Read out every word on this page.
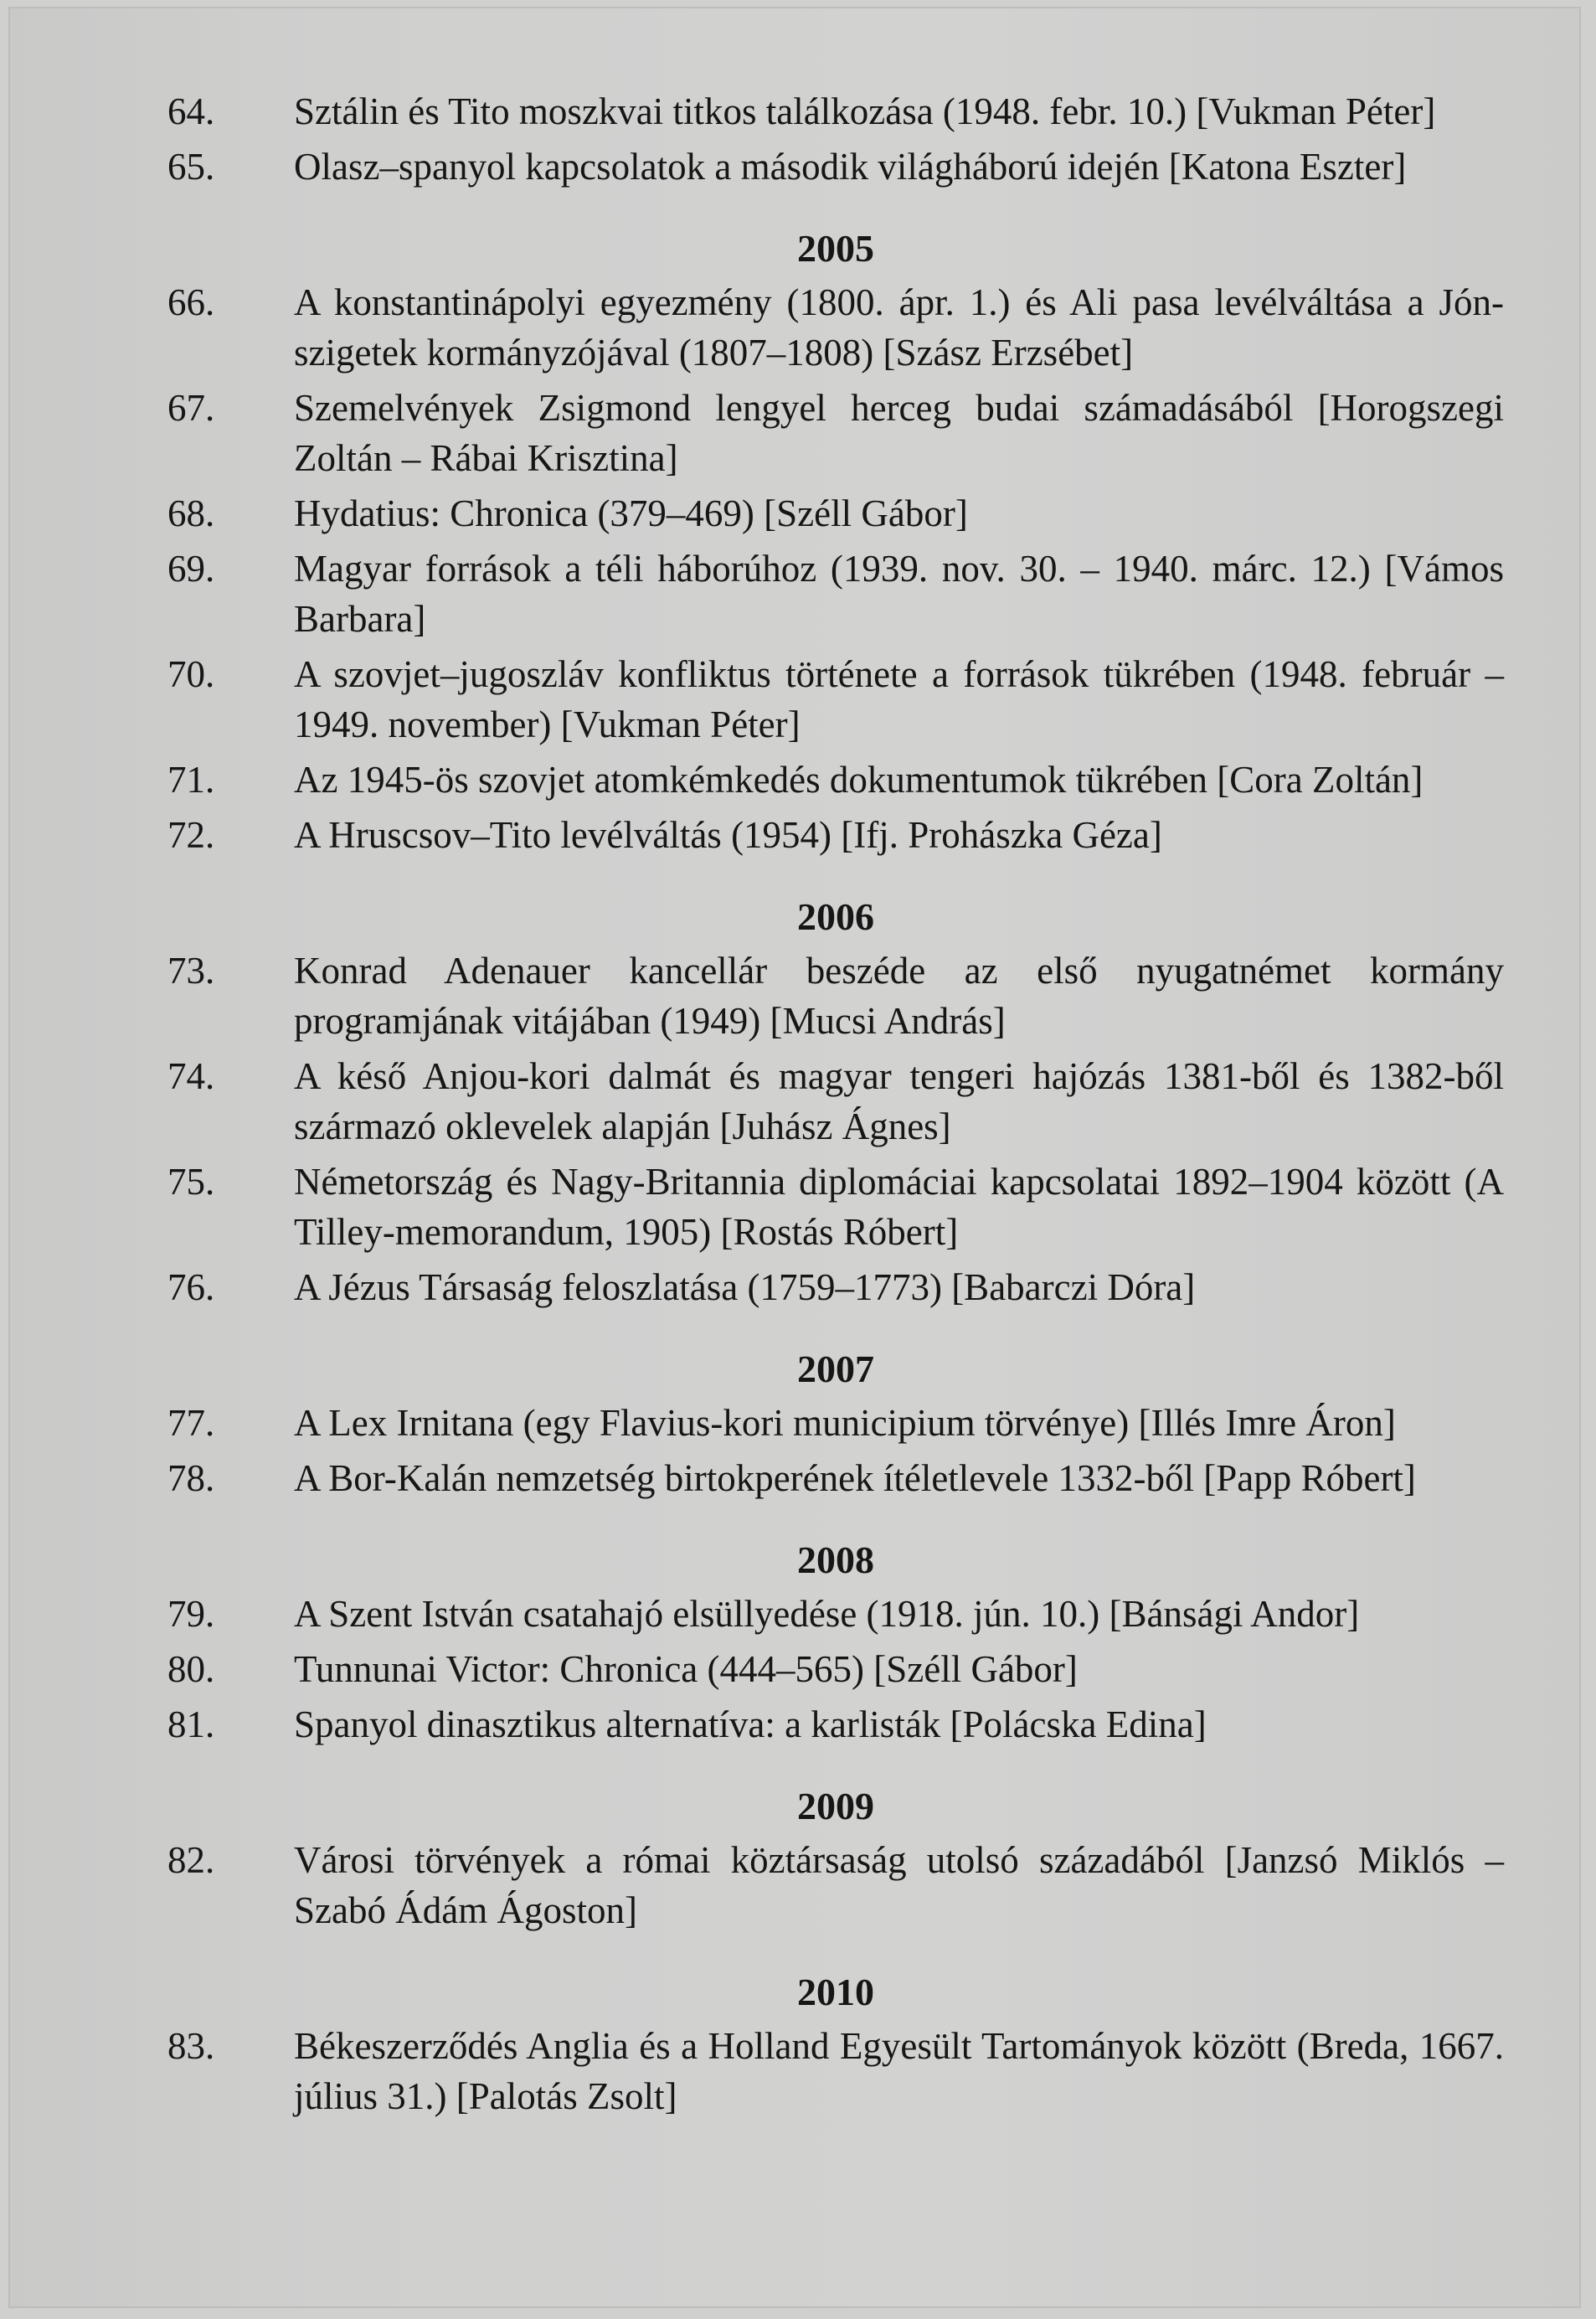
64.	Sztálin és Tito moszkvai titkos találkozása (1948. febr. 10.) [Vukman Péter]
65.	Olasz–spanyol kapcsolatok a második világháború idején [Katona Eszter]
2005
66.	A konstantinápolyi egyezmény (1800. ápr. 1.) és Ali pasa levélváltása a Jón-szigetek kormányzójával (1807–1808) [Szász Erzsébet]
67.	Szemelvények Zsigmond lengyel herceg budai számadásából [Horogszegi Zoltán – Rábai Krisztina]
68.	Hydatius: Chronica (379–469) [Széll Gábor]
69.	Magyar források a téli háborúhoz (1939. nov. 30. – 1940. márc. 12.) [Vámos Barbara]
70.	A szovjet–jugoszláv konfliktus története a források tükrében (1948. február – 1949. november) [Vukman Péter]
71.	Az 1945-ös szovjet atomkémkedés dokumentumok tükrében [Cora Zoltán]
72.	A Hruscsov–Tito levélváltás (1954) [Ifj. Prohászka Géza]
2006
73.	Konrad Adenauer kancellár beszéde az első nyugatnémet kormány programjának vitájában (1949) [Mucsi András]
74.	A késő Anjou-kori dalmát és magyar tengeri hajózás 1381-ből és 1382-ből származó oklevelek alapján [Juhász Ágnes]
75.	Németország és Nagy-Britannia diplomáciai kapcsolatai 1892–1904 között (A Tilley-memorandum, 1905) [Rostás Róbert]
76.	A Jézus Társaság feloszlatása (1759–1773) [Babarczi Dóra]
2007
77.	A Lex Irnitana (egy Flavius-kori municipium törvénye) [Illés Imre Áron]
78.	A Bor-Kalán nemzetség birtokperének ítéletlevele 1332-ből [Papp Róbert]
2008
79.	A Szent István csatahajó elsüllyedése (1918. jún. 10.) [Bánsági Andor]
80.	Tunnunai Victor: Chronica (444–565) [Széll Gábor]
81.	Spanyol dinasztikus alternatíva: a karlisták [Polácska Edina]
2009
82.	Városi törvények a római köztársaság utolsó századából [Janzsó Miklós – Szabó Ádám Ágoston]
2010
83.	Békeszerződés Anglia és a Holland Egyesült Tartományok között (Breda, 1667. július 31.) [Palotás Zsolt]
